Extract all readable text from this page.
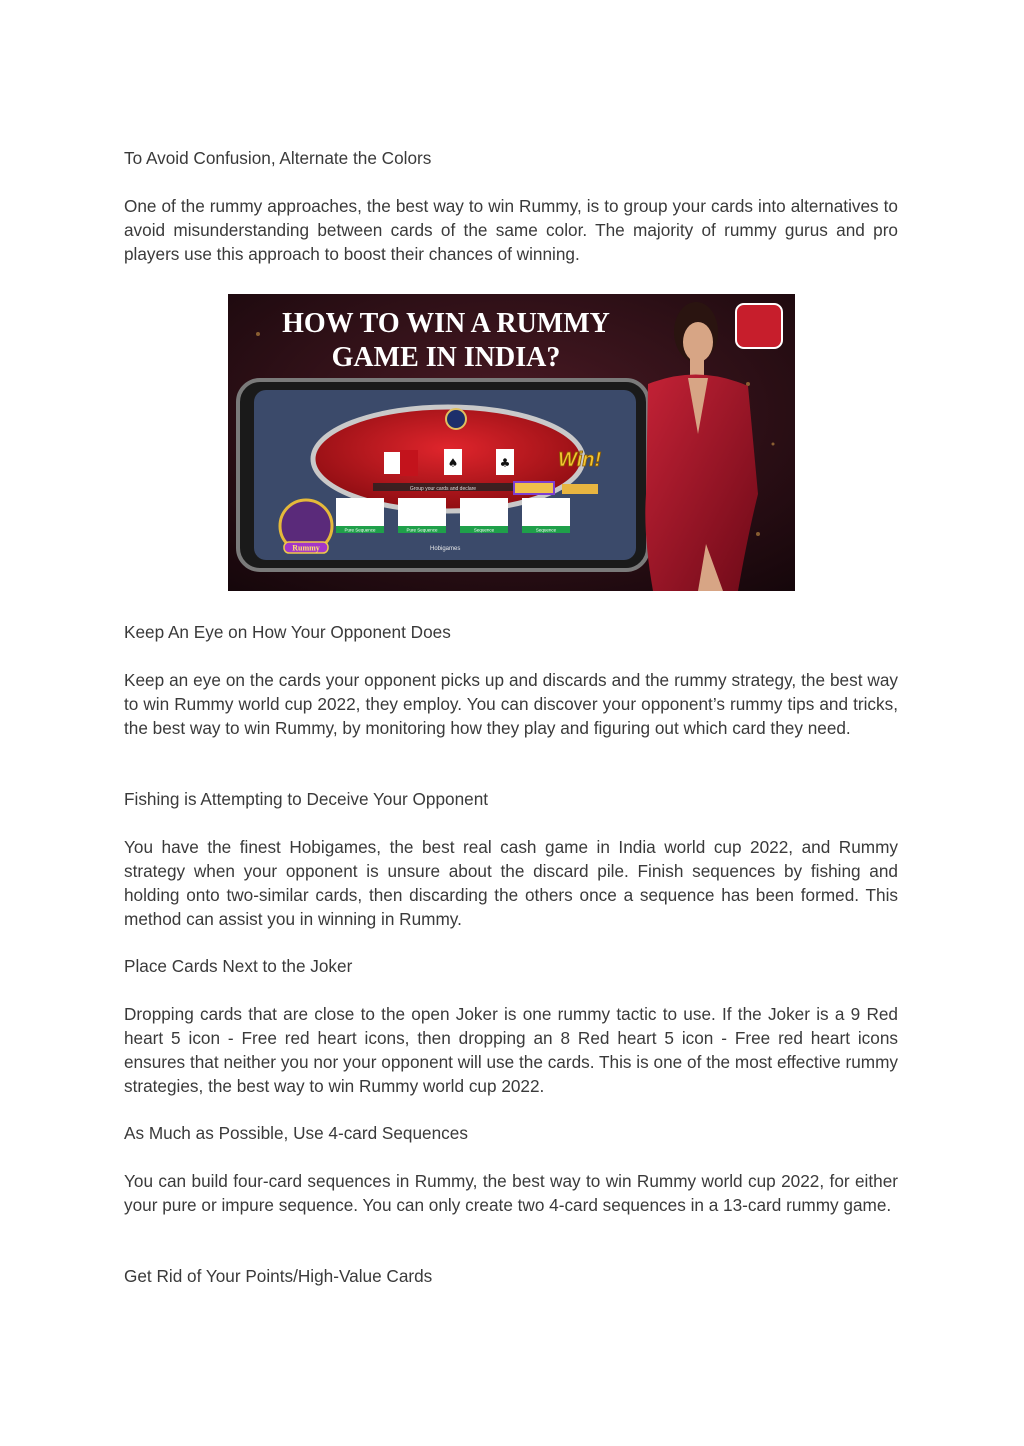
To Avoid Confusion, Alternate the Colors

One of the rummy approaches, the best way to win Rummy, is to group your cards into alternatives to avoid misunderstanding between cards of the same color. The majority of rummy gurus and pro players use this approach to boost their chances of winning.

♠	♣ Win!
Group your cards and declare
Pure Sequence	Pure Sequence	Sequence	Sequence
Hobigames
Rummy
HOW TO WIN A RUMMY
GAME IN INDIA?

Keep An Eye on How Your Opponent Does

Keep an eye on the cards your opponent picks up and discards and the rummy strategy, the best way to win Rummy world cup 2022, they employ. You can discover your opponent’s rummy tips and tricks, the best way to win Rummy, by monitoring how they play and figuring out which card they need.

Fishing is Attempting to Deceive Your Opponent

You have the finest Hobigames, the best real cash game in India world cup 2022, and Rummy strategy when your opponent is unsure about the discard pile. Finish sequences by fishing and holding onto two-similar cards, then discarding the others once a sequence has been formed. This method can assist you in winning in Rummy.

Place Cards Next to the Joker

Dropping cards that are close to the open Joker is one rummy tactic to use. If the Joker is a 9 Red heart 5 icon - Free red heart icons, then dropping an 8 Red heart 5 icon - Free red heart icons ensures that neither you nor your opponent will use the cards. This is one of the most effective rummy strategies, the best way to win Rummy world cup 2022.

As Much as Possible, Use 4-card Sequences

You can build four-card sequences in Rummy, the best way to win Rummy world cup 2022, for either your pure or impure sequence. You can only create two 4-card sequences in a 13-card rummy game.

Get Rid of Your Points/High-Value Cards
